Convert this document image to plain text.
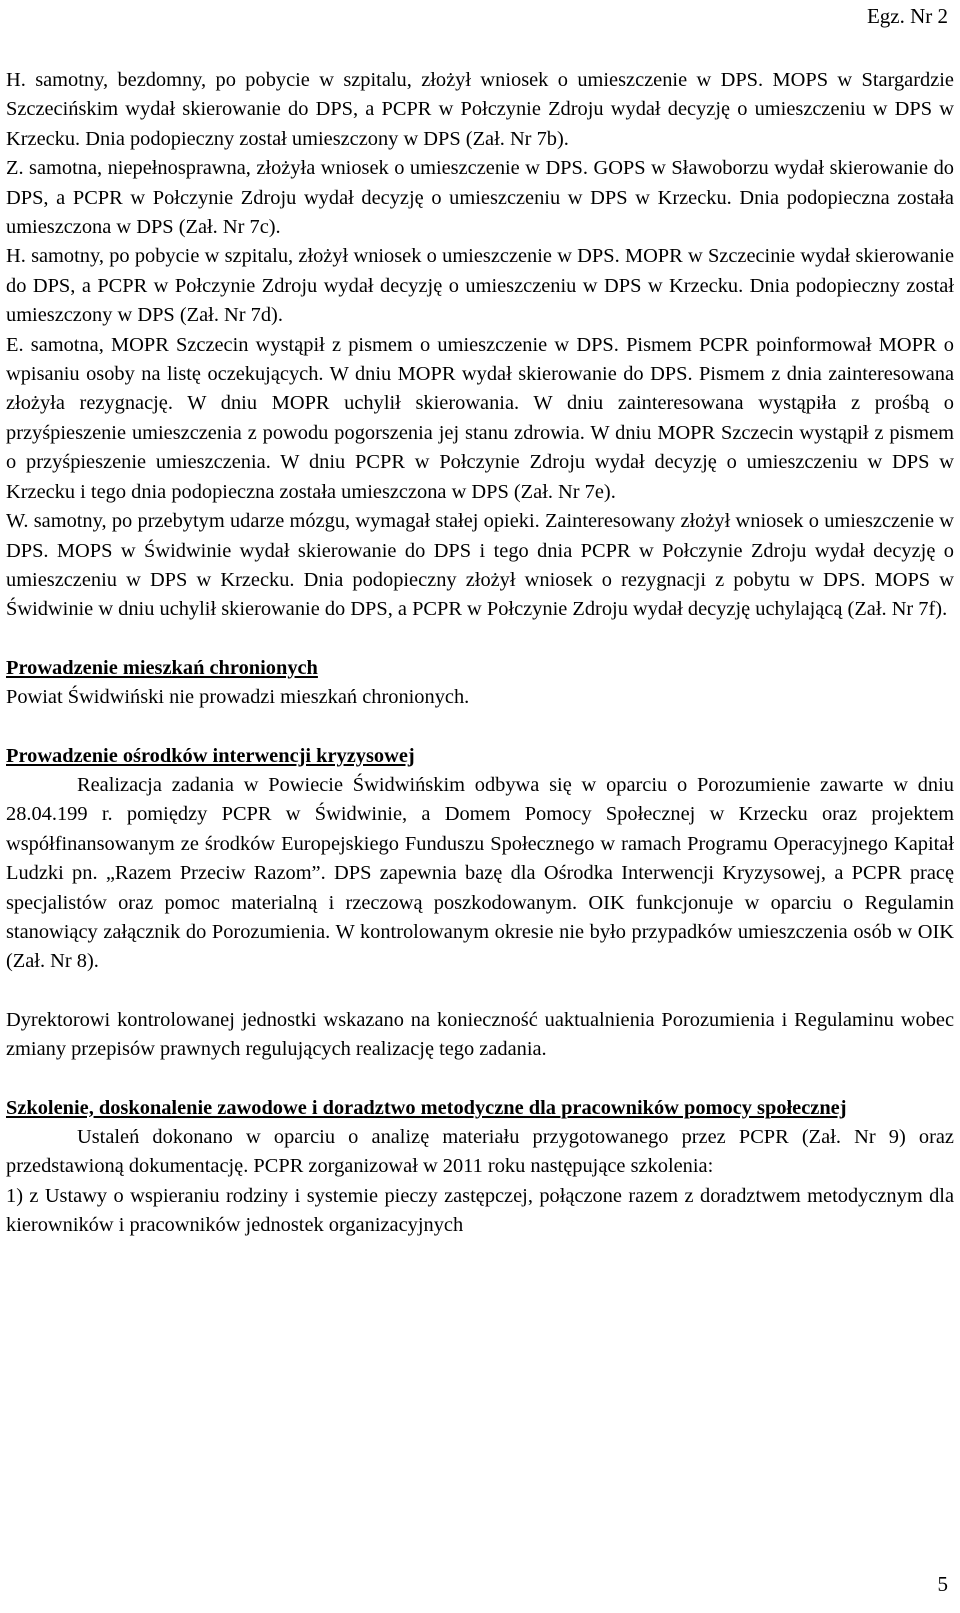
Egz. Nr 2

H. samotny, bezdomny, po pobycie w szpitalu, złożył wniosek o umieszczenie w DPS. MOPS w Stargardzie Szczecińskim wydał skierowanie do DPS, a PCPR w Połczynie Zdroju wydał decyzję o umieszczeniu w DPS w Krzecku. Dnia podopieczny został umieszczony w DPS (Zał. Nr 7b).

Z. samotna, niepełnosprawna, złożyła wniosek o umieszczenie w DPS. GOPS w Sławoborzu wydał skierowanie do DPS, a PCPR w Połczynie Zdroju wydał decyzję o umieszczeniu w DPS w Krzecku. Dnia podopieczna została umieszczona w DPS (Zał. Nr 7c).

H. samotny, po pobycie w szpitalu, złożył wniosek o umieszczenie w DPS. MOPR w Szczecinie wydał skierowanie do DPS, a PCPR w Połczynie Zdroju wydał decyzję o umieszczeniu w DPS w Krzecku. Dnia podopieczny został umieszczony w DPS (Zał. Nr 7d).

E. samotna, MOPR Szczecin wystąpił z pismem o umieszczenie w DPS. Pismem PCPR poinformował MOPR o wpisaniu osoby na listę oczekujących. W dniu MOPR wydał skierowanie do DPS. Pismem z dnia zainteresowana złożyła rezygnację. W dniu MOPR uchylił skierowania. W dniu zainteresowana wystąpiła z prośbą o przyśpieszenie umieszczenia z powodu pogorszenia jej stanu zdrowia. W dniu MOPR Szczecin wystąpił z pismem o przyśpieszenie umieszczenia. W dniu PCPR w Połczynie Zdroju wydał decyzję o umieszczeniu w DPS w Krzecku i tego dnia podopieczna została umieszczona w DPS (Zał. Nr 7e).

W. samotny, po przebytym udarze mózgu, wymagał stałej opieki. Zainteresowany złożył wniosek o umieszczenie w DPS. MOPS w Świdwinie wydał skierowanie do DPS i tego dnia PCPR w Połczynie Zdroju wydał decyzję o umieszczeniu w DPS w Krzecku. Dnia podopieczny złożył wniosek o rezygnacji z pobytu w DPS. MOPS w Świdwinie w dniu uchylił skierowanie do DPS, a PCPR w Połczynie Zdroju wydał decyzję uchylającą (Zał. Nr 7f).

Prowadzenie mieszkań chronionych

Powiat Świdwiński nie prowadzi mieszkań chronionych.

Prowadzenie ośrodków interwencji kryzysowej

Realizacja zadania w Powiecie Świdwińskim odbywa się w oparciu o Porozumienie zawarte w dniu 28.04.199 r. pomiędzy PCPR w Świdwinie, a Domem Pomocy Społecznej w Krzecku oraz projektem współfinansowanym ze środków Europejskiego Funduszu Społecznego w ramach Programu Operacyjnego Kapitał Ludzki pn. „Razem Przeciw Razom”. DPS zapewnia bazę dla Ośrodka Interwencji Kryzysowej, a PCPR pracę specjalistów oraz pomoc materialną i rzeczową poszkodowanym. OIK funkcjonuje w oparciu o Regulamin stanowiący załącznik do Porozumienia. W kontrolowanym okresie nie było przypadków umieszczenia osób w OIK (Zał. Nr 8).

Dyrektorowi kontrolowanej jednostki wskazano na konieczność uaktualnienia Porozumienia i Regulaminu wobec zmiany przepisów prawnych regulujących realizację tego zadania.

Szkolenie, doskonalenie zawodowe i doradztwo metodyczne dla pracowników pomocy społecznej

Ustaleń dokonano w oparciu o analizę materiału przygotowanego przez PCPR (Zał. Nr 9) oraz przedstawioną dokumentację. PCPR zorganizował w 2011 roku następujące szkolenia:

1) z Ustawy o wspieraniu rodziny i systemie pieczy zastępczej, połączone razem z doradztwem metodycznym dla kierowników i pracowników jednostek organizacyjnych

5
